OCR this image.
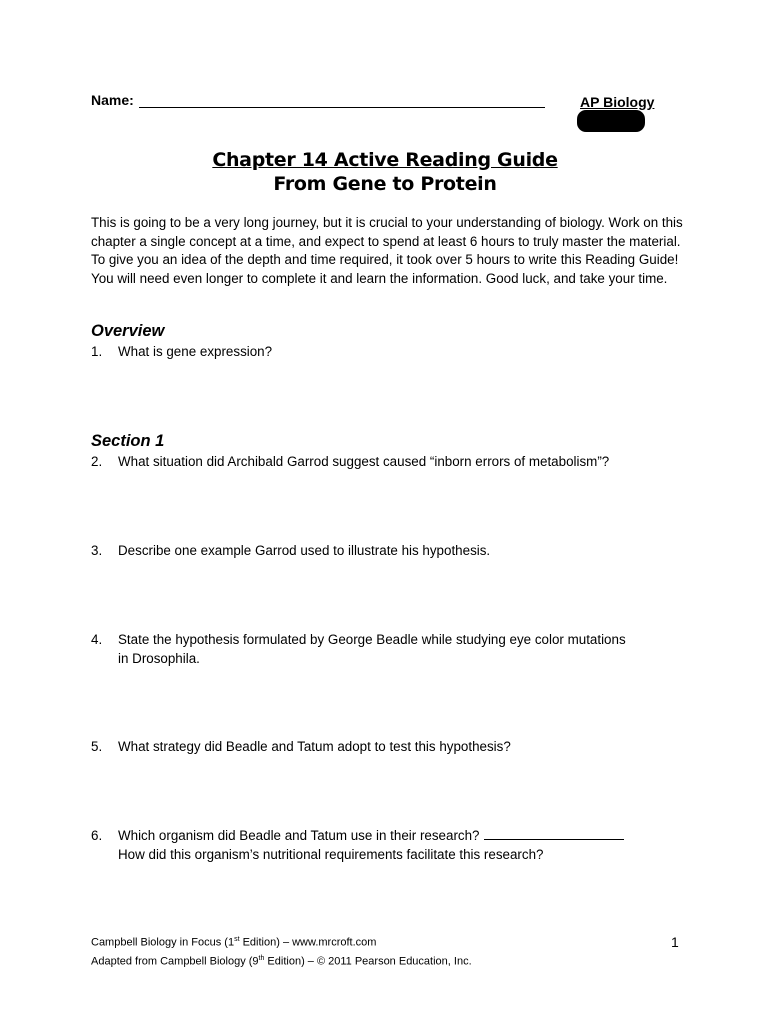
Name:	AP Biology
Chapter 14 Active Reading Guide
From Gene to Protein
This is going to be a very long journey, but it is crucial to your understanding of biology. Work on this chapter a single concept at a time, and expect to spend at least 6 hours to truly master the material. To give you an idea of the depth and time required, it took over 5 hours to write this Reading Guide! You will need even longer to complete it and learn the information. Good luck, and take your time.
Overview
1. What is gene expression?
Section 1
2. What situation did Archibald Garrod suggest caused “inborn errors of metabolism”?
3. Describe one example Garrod used to illustrate his hypothesis.
4. State the hypothesis formulated by George Beadle while studying eye color mutations in Drosophila.
5. What strategy did Beadle and Tatum adopt to test this hypothesis?
6. Which organism did Beadle and Tatum use in their research?
How did this organism’s nutritional requirements facilitate this research?
Campbell Biology in Focus (1st Edition) – www.mrcroft.com
Adapted from Campbell Biology (9th Edition) – © 2011 Pearson Education, Inc.
1
